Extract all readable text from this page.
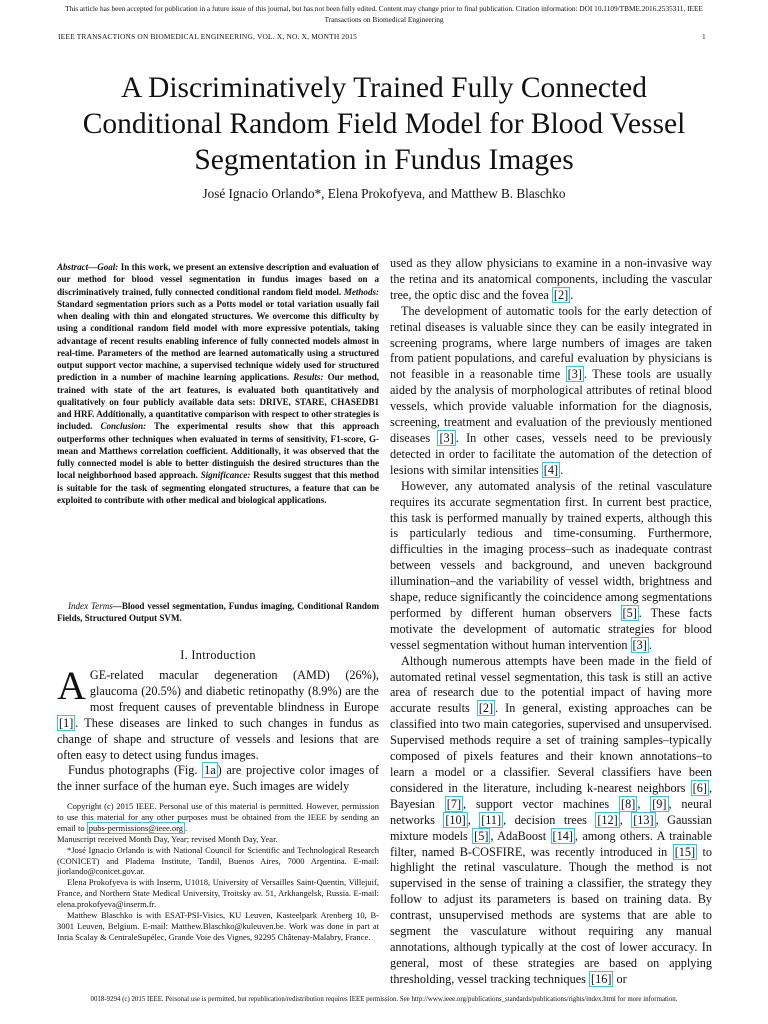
This article has been accepted for publication in a future issue of this journal, but has not been fully edited. Content may change prior to final publication. Citation information: DOI 10.1109/TBME.2016.2535311, IEEE
Transactions on Biomedical Engineering
IEEE TRANSACTIONS ON BIOMEDICAL ENGINEERING, VOL. X, NO. X, MONTH 2015	1
A Discriminatively Trained Fully Connected
Conditional Random Field Model for Blood Vessel
Segmentation in Fundus Images
José Ignacio Orlando*, Elena Prokofyeva, and Matthew B. Blaschko
Abstract—Goal: In this work, we present an extensive description and evaluation of our method for blood vessel segmentation in fundus images based on a discriminatively trained, fully connected conditional random field model. Methods: Standard segmentation priors such as a Potts model or total variation usually fail when dealing with thin and elongated structures. We overcome this difficulty by using a conditional random field model with more expressive potentials, taking advantage of recent results enabling inference of fully connected models almost in real-time. Parameters of the method are learned automatically using a structured output support vector machine, a supervised technique widely used for structured prediction in a number of machine learning applications. Results: Our method, trained with state of the art features, is evaluated both quantitatively and qualitatively on four publicly available data sets: DRIVE, STARE, CHASEDB1 and HRF. Additionally, a quantitative comparison with respect to other strategies is included. Conclusion: The experimental results show that this approach outperforms other techniques when evaluated in terms of sensitivity, F1-score, G-mean and Matthews correlation coefficient. Additionally, it was observed that the fully connected model is able to better distinguish the desired structures than the local neighborhood based approach. Significance: Results suggest that this method is suitable for the task of segmenting elongated structures, a feature that can be exploited to contribute with other medical and biological applications.
Index Terms—Blood vessel segmentation, Fundus imaging, Conditional Random Fields, Structured Output SVM.
I. Introduction

AGE-related macular degeneration (AMD) (26%), glaucoma (20.5%) and diabetic retinopathy (8.9%) are the most frequent causes of preventable blindness in Europe [1] . These diseases are linked to such changes in fundus as change of shape and structure of vessels and lesions that are often easy to detect using fundus images.

Fundus photographs (Fig. 1a ) are projective color images of the inner surface of the human eye. Such images are widely

Copyright (c) 2015 IEEE. Personal use of this material is permitted. However, permission to use this material for any other purposes must be obtained from the IEEE by sending an email to pubs-permissions@ieee.org .
Manuscript received Month Day, Year; revised Month Day, Year.

*José Ignacio Orlando is with National Council for Scientific and Technological Research (CONICET) and Pladema Institute, Tandil, Buenos Aires, 7000 Argentina. E-mail: jiorlando@conicet.gov.ar.

Elena Prokofyeva is with Inserm, U1018, University of Versailles Saint-Quentin, Villejuif, France, and Northern State Medical University, Troitsky av. 51, Arkhangelsk, Russia. E-mail: elena.prokofyeva@inserm.fr.

Matthew Blaschko is with ESAT-PSI-Visics, KU Leuven, Kasteelpark Arenberg 10, B-3001 Leuven, Belgium. E-mail: Matthew.Blaschko@kuleuven.be. Work was done in part at Inria Scalay & CentraleSupélec, Grande Voie des Vignes, 92295 Châtenay-Malabry, France.

used as they allow physicians to examine in a non-invasive way the retina and its anatomical components, including the vascular tree, the optic disc and the fovea [2] .

The development of automatic tools for the early detection of retinal diseases is valuable since they can be easily integrated in screening programs, where large numbers of images are taken from patient populations, and careful evaluation by physicians is not feasible in a reasonable time [3] . These tools are usually aided by the analysis of morphological attributes of retinal blood vessels, which provide valuable information for the diagnosis, screening, treatment and evaluation of the previously mentioned diseases [3] . In other cases, vessels need to be previously detected in order to facilitate the automation of the detection of lesions with similar intensities [4] .

However, any automated analysis of the retinal vasculature requires its accurate segmentation first. In current best practice, this task is performed manually by trained experts, although this is particularly tedious and time-consuming. Furthermore, difficulties in the imaging process–such as inadequate contrast between vessels and background, and uneven background illumination–and the variability of vessel width, brightness and shape, reduce significantly the coincidence among segmentations performed by different human observers [5] . These facts motivate the development of automatic strategies for blood vessel segmentation without human intervention [3] .

Although numerous attempts have been made in the field of automated retinal vessel segmentation, this task is still an active area of research due to the potential impact of having more accurate results [2] . In general, existing approaches can be classified into two main categories, supervised and unsupervised. Supervised methods require a set of training samples–typically composed of pixels features and their known annotations–to learn a model or a classifier. Several classifiers have been considered in the literature, including k-nearest neighbors [6] , Bayesian [7] , support vector machines [8] , [9] , neural networks [10] , [11] , decision trees [12] , [13] , Gaussian mixture models [5] , AdaBoost [14] , among others. A trainable filter, named B-COSFIRE, was recently introduced in [15] to highlight the retinal vasculature. Though the method is not supervised in the sense of training a classifier, the strategy they follow to adjust its parameters is based on training data. By contrast, unsupervised methods are systems that are able to segment the vasculature without requiring any manual annotations, although typically at the cost of lower accuracy. In general, most of these strategies are based on applying thresholding, vessel tracking techniques [16] or

0018-9294 (c) 2015 IEEE. Personal use is permitted, but republication/redistribution requires IEEE permission. See http://www.ieee.org/publications_standards/publications/rights/index.html for more information.
